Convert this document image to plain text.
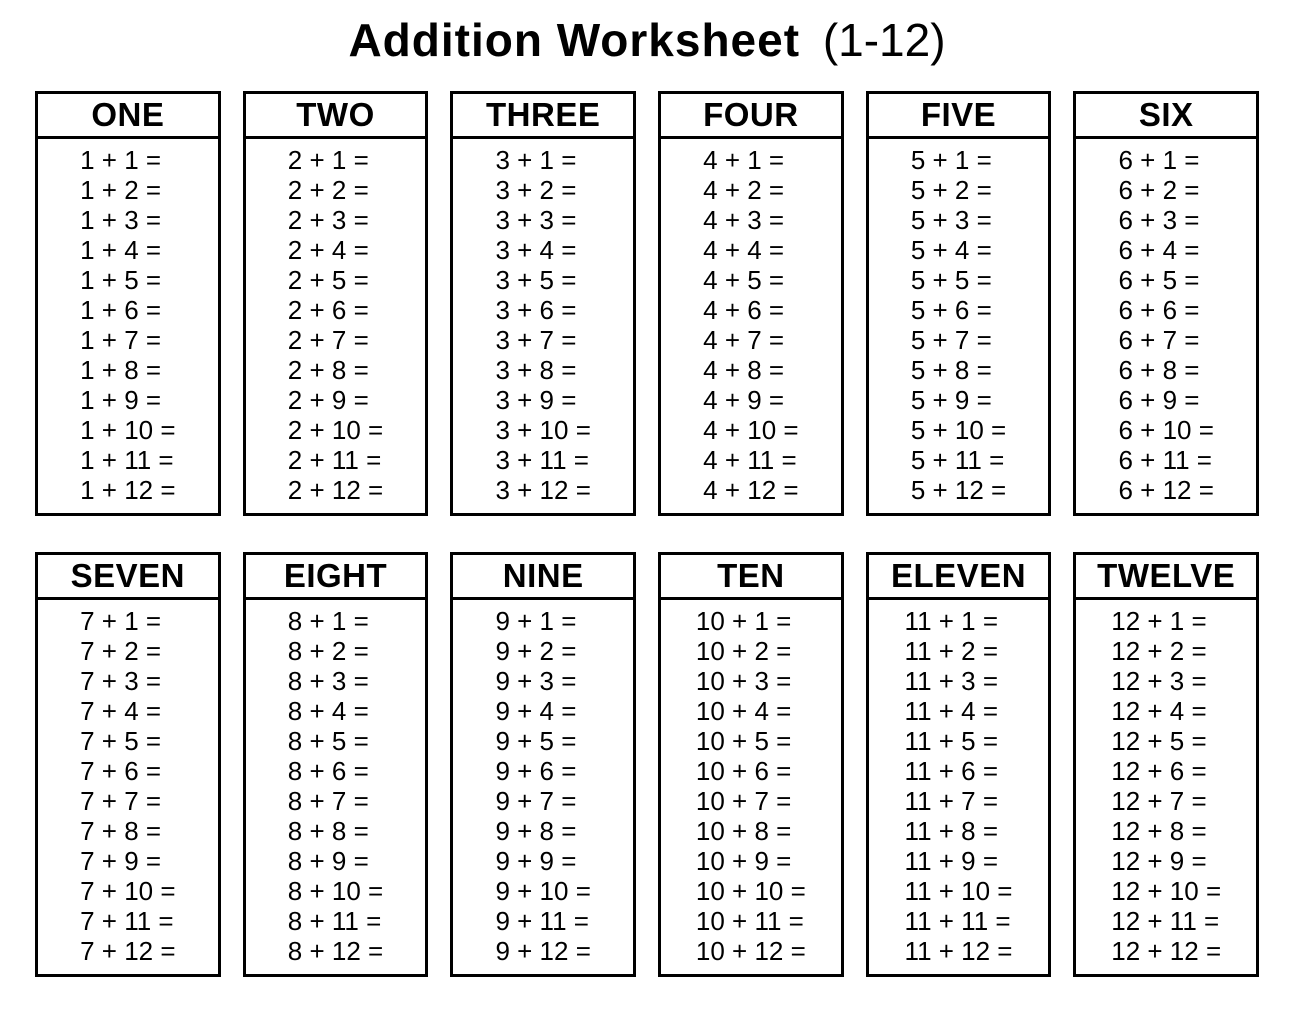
Addition Worksheet (1-12)
ONE
1 + 1 =
1 + 2 =
1 + 3 =
1 + 4 =
1 + 5 =
1 + 6 =
1 + 7 =
1 + 8 =
1 + 9 =
1 + 10 =
1 + 11 =
1 + 12 =
TWO
2 + 1 =
2 + 2 =
2 + 3 =
2 + 4 =
2 + 5 =
2 + 6 =
2 + 7 =
2 + 8 =
2 + 9 =
2 + 10 =
2 + 11 =
2 + 12 =
THREE
3 + 1 =
3 + 2 =
3 + 3 =
3 + 4 =
3 + 5 =
3 + 6 =
3 + 7 =
3 + 8 =
3 + 9 =
3 + 10 =
3 + 11 =
3 + 12 =
FOUR
4 + 1 =
4 + 2 =
4 + 3 =
4 + 4 =
4 + 5 =
4 + 6 =
4 + 7 =
4 + 8 =
4 + 9 =
4 + 10 =
4 + 11 =
4 + 12 =
FIVE
5 + 1 =
5 + 2 =
5 + 3 =
5 + 4 =
5 + 5 =
5 + 6 =
5 + 7 =
5 + 8 =
5 + 9 =
5 + 10 =
5 + 11 =
5 + 12 =
SIX
6 + 1 =
6 + 2 =
6 + 3 =
6 + 4 =
6 + 5 =
6 + 6 =
6 + 7 =
6 + 8 =
6 + 9 =
6 + 10 =
6 + 11 =
6 + 12 =
SEVEN
7 + 1 =
7 + 2 =
7 + 3 =
7 + 4 =
7 + 5 =
7 + 6 =
7 + 7 =
7 + 8 =
7 + 9 =
7 + 10 =
7 + 11 =
7 + 12 =
EIGHT
8 + 1 =
8 + 2 =
8 + 3 =
8 + 4 =
8 + 5 =
8 + 6 =
8 + 7 =
8 + 8 =
8 + 9 =
8 + 10 =
8 + 11 =
8 + 12 =
NINE
9 + 1 =
9 + 2 =
9 + 3 =
9 + 4 =
9 + 5 =
9 + 6 =
9 + 7 =
9 + 8 =
9 + 9 =
9 + 10 =
9 + 11 =
9 + 12 =
TEN
10 + 1 =
10 + 2 =
10 + 3 =
10 + 4 =
10 + 5 =
10 + 6 =
10 + 7 =
10 + 8 =
10 + 9 =
10 + 10 =
10 + 11 =
10 + 12 =
ELEVEN
11 + 1 =
11 + 2 =
11 + 3 =
11 + 4 =
11 + 5 =
11 + 6 =
11 + 7 =
11 + 8 =
11 + 9 =
11 + 10 =
11 + 11 =
11 + 12 =
TWELVE
12 + 1 =
12 + 2 =
12 + 3 =
12 + 4 =
12 + 5 =
12 + 6 =
12 + 7 =
12 + 8 =
12 + 9 =
12 + 10 =
12 + 11 =
12 + 12 =
